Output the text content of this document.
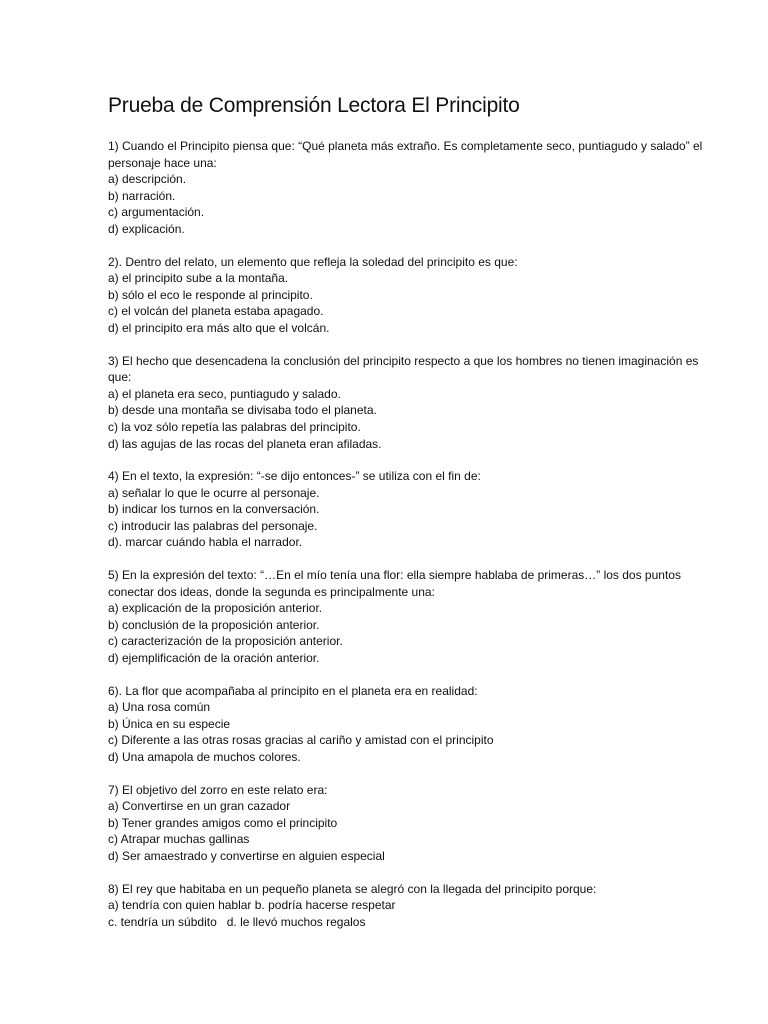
Prueba de Comprensión Lectora El Principito

1) Cuando el Principito piensa que: “Qué planeta más extraño. Es completamente seco, puntiagudo y salado” el personaje hace una:

a) descripción.

b) narración.

c) argumentación.

d) explicación.

2). Dentro del relato, un elemento que refleja la soledad del principito es que:

a) el principito sube a la montaña.

b) sólo el eco le responde al principito.

c) el volcán del planeta estaba apagado.

d) el principito era más alto que el volcán.

3) El hecho que desencadena la conclusión del principito respecto a que los hombres no tienen imaginación es que:

a) el planeta era seco, puntiagudo y salado.

b) desde una montaña se divisaba todo el planeta.

c) la voz sólo repetía las palabras del principito.

d) las agujas de las rocas del planeta eran afiladas.

4) En el texto, la expresión: “-se dijo entonces-” se utiliza con el fin de:

a) señalar lo que le ocurre al personaje.

b) indicar los turnos en la conversación.

c) introducir las palabras del personaje.

d). marcar cuándo habla el narrador.

5) En la expresión del texto: “…En el mío tenía una flor: ella siempre hablaba de primeras…” los dos puntos conectar dos ideas, donde la segunda es principalmente una:

a) explicación de la proposición anterior.

b) conclusión de la proposición anterior.

c) caracterización de la proposición anterior.

d) ejemplificación de la oración anterior.

6). La flor que acompañaba al principito en el planeta era en realidad:

a) Una rosa común

b) Única en su especie

c) Diferente a las otras rosas gracias al cariño y amistad con el principito

d) Una amapola de muchos colores.

7) El objetivo del zorro en este relato era:

a) Convertirse en un gran cazador

b) Tener grandes amigos como el principito

c) Atrapar muchas gallinas

d) Ser amaestrado y convertirse en alguien especial

8) El rey que habitaba en un pequeño planeta se alegró con la llegada del principito porque:

a) tendría con quien hablar b. podría hacerse respetar

c. tendría un súbdito   d. le llevó muchos regalos
